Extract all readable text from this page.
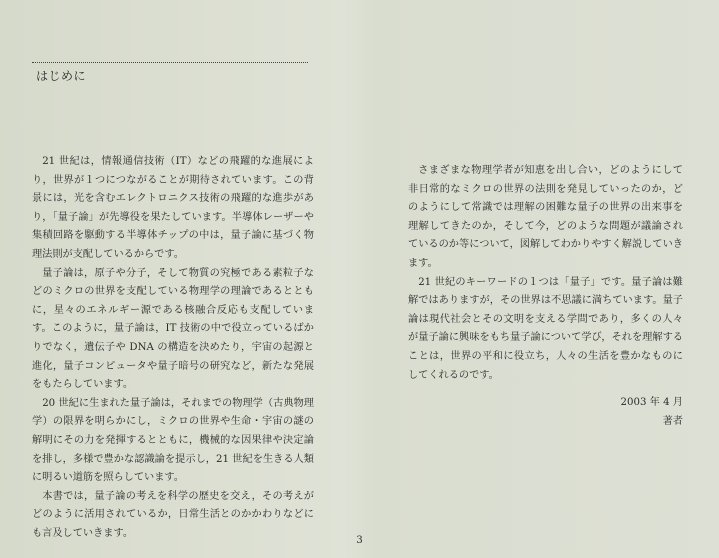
はじめに

21 世紀は，情報通信技術（IT）などの飛躍的な進展により，世界が１つにつながることが期待されています。この背景には，光を含むエレクトロニクス技術の飛躍的な進歩があり，「量子論」が先導役を果たしています。半導体レーザーや集積回路を駆動する半導体チップの中は，量子論に基づく物理法則が支配しているからです。

量子論は，原子や分子，そして物質の究極である素粒子などのミクロの世界を支配している物理学の理論であるとともに，星々のエネルギー源である核融合反応も支配しています。このように，量子論は，IT 技術の中で役立っているばかりでなく，遺伝子や DNA の構造を決めたり，宇宙の起源と進化，量子コンピュータや量子暗号の研究など，新たな発展をもたらしています。

20 世紀に生まれた量子論は，それまでの物理学（古典物理学）の限界を明らかにし，ミクロの世界や生命・宇宙の謎の解明にその力を発揮するとともに，機械的な因果律や決定論を排し，多様で豊かな認識論を提示し，21 世紀を生きる人類に明るい道筋を照らしています。

本書では，量子論の考えを科学の歴史を交え，その考えがどのように活用されているか，日常生活とのかかわりなどにも言及していきます。

さまざまな物理学者が知恵を出し合い，どのようにして非日常的なミクロの世界の法則を発見していったのか，どのようにして常識では理解の困難な量子の世界の出来事を理解してきたのか，そして今，どのような問題が議論されているのか等について，図解してわかりやすく解説していきます。

21 世紀のキーワードの１つは「量子」です。量子論は難解ではありますが，その世界は不思議に満ちています。量子論は現代社会とその文明を支える学問であり，多くの人々が量子論に興味をもち量子論について学び，それを理解することは，世界の平和に役立ち，人々の生活を豊かなものにしてくれるのです。

2003 年 4 月
著者
3
